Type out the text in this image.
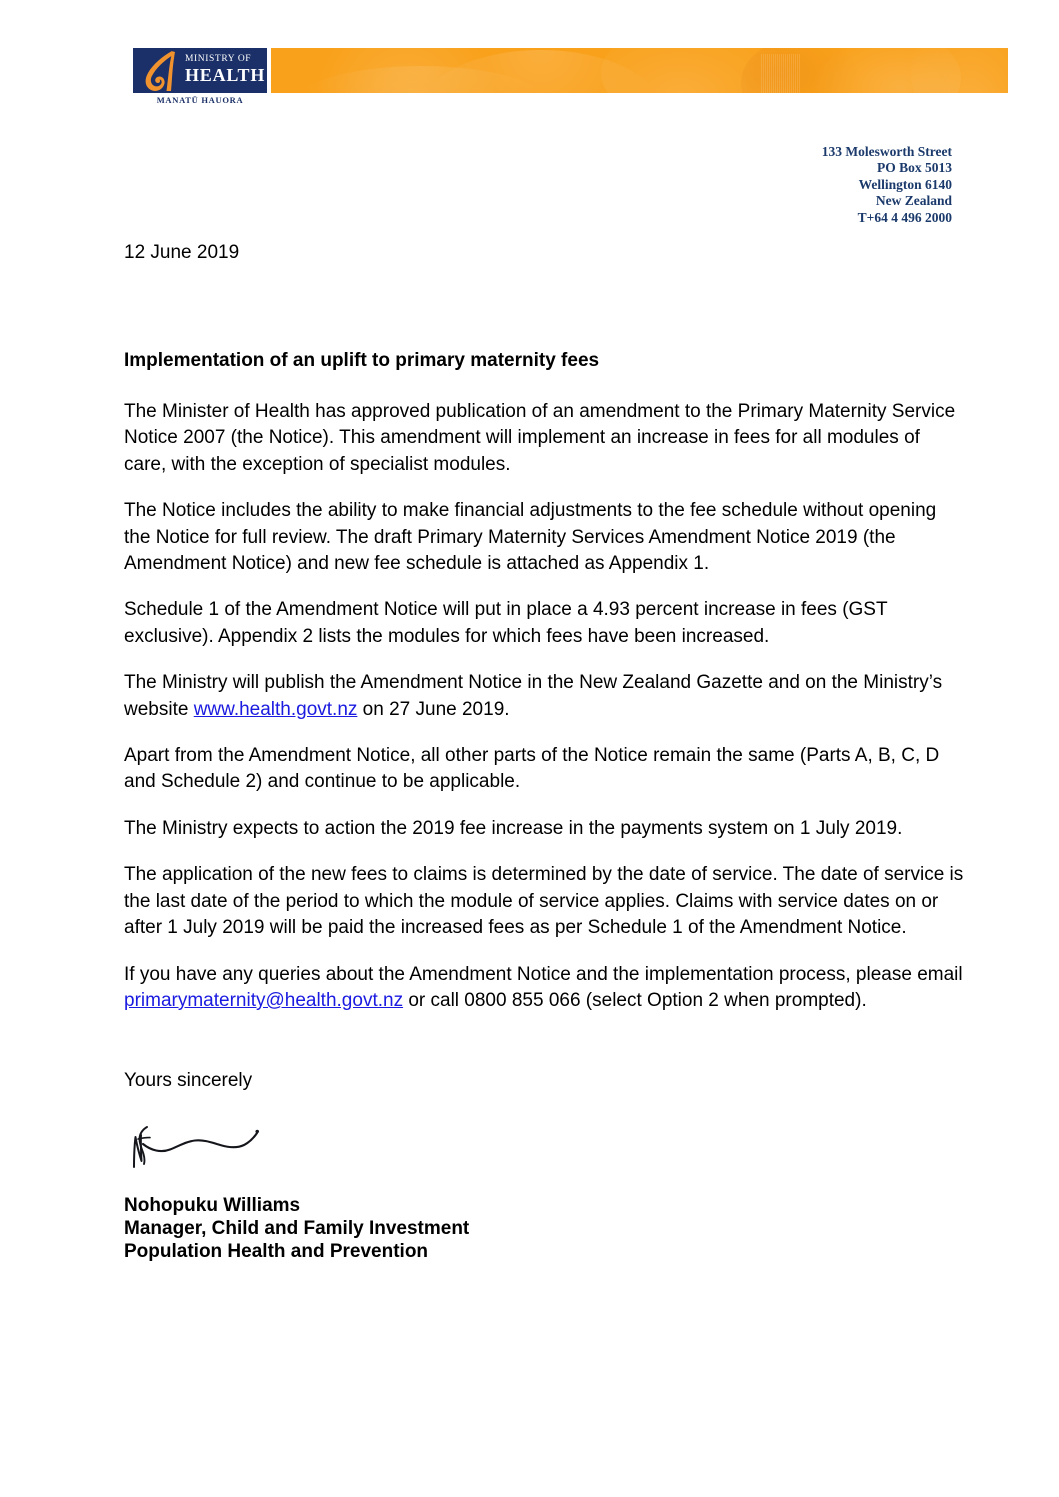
MINISTRY OF
HEALTH
MANATŪ HAUORA
133 Molesworth Street
PO Box 5013
Wellington 6140
New Zealand
T+64 4 496 2000

12 June 2019

Implementation of an uplift to primary maternity fees

The Minister of Health has approved publication of an amendment to the Primary Maternity Service Notice 2007 (the Notice). This amendment will implement an increase in fees for all modules of care, with the exception of specialist modules.

The Notice includes the ability to make financial adjustments to the fee schedule without opening the Notice for full review. The draft Primary Maternity Services Amendment Notice 2019 (the Amendment Notice) and new fee schedule is attached as Appendix 1.

Schedule 1 of the Amendment Notice will put in place a 4.93 percent increase in fees (GST exclusive). Appendix 2 lists the modules for which fees have been increased.

The Ministry will publish the Amendment Notice in the New Zealand Gazette and on the Ministry’s website www.health.govt.nz on 27 June 2019.

Apart from the Amendment Notice, all other parts of the Notice remain the same (Parts A, B, C, D and Schedule 2) and continue to be applicable.

The Ministry expects to action the 2019 fee increase in the payments system on 1 July 2019.

The application of the new fees to claims is determined by the date of service. The date of service is the last date of the period to which the module of service applies. Claims with service dates on or after 1 July 2019 will be paid the increased fees as per Schedule 1 of the Amendment Notice.

If you have any queries about the Amendment Notice and the implementation process, please email primarymaternity@health.govt.nz or call 0800 855 066 (select Option 2 when prompted).

Yours sincerely

Nohopuku Williams
Manager, Child and Family Investment
Population Health and Prevention
